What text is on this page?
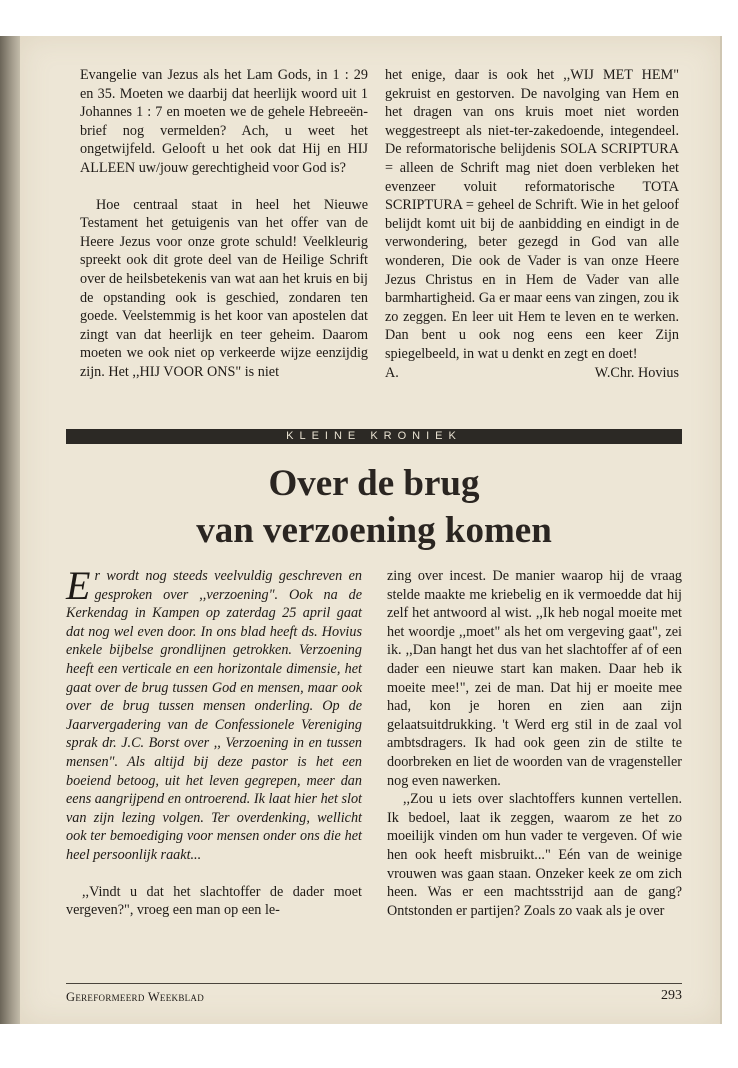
Evangelie van Jezus als het Lam Gods, in 1 : 29 en 35. Moeten we daarbij dat heerlijk woord uit 1 Johannes 1 : 7 en moeten we de gehele Hebreeën-brief nog vermelden? Ach, u weet het ongetwijfeld. Gelooft u het ook dat Hij en HIJ ALLEEN uw/jouw gerechtigheid voor God is?

Hoe centraal staat in heel het Nieuwe Testament het getuigenis van het offer van de Heere Jezus voor onze grote schuld! Veelkleurig spreekt ook dit grote deel van de Heilige Schrift over de heilsbetekenis van wat aan het kruis en bij de opstanding ook is geschied, zondaren ten goede. Veelstemmig is het koor van apostelen dat zingt van dat heerlijk en teer geheim. Daarom moeten we ook niet op verkeerde wijze eenzijdig zijn. Het ,,HIJ VOOR ONS" is niet

het enige, daar is ook het ,,WIJ MET HEM" gekruist en gestorven. De navolging van Hem en het dragen van ons kruis moet niet worden weggestreept als niet-ter-zakedoende, integendeel. De reformatorische belijdenis SOLA SCRIPTURA = alleen de Schrift mag niet doen verbleken het evenzeer voluit reformatorische TOTA SCRIPTURA = geheel de Schrift. Wie in het geloof belijdt komt uit bij de aanbidding en eindigt in de verwondering, beter gezegd in God van alle wonderen, Die ook de Vader is van onze Heere Jezus Christus en in Hem de Vader van alle barmhartigheid. Ga er maar eens van zingen, zou ik zo zeggen. En leer uit Hem te leven en te werken. Dan bent u ook nog eens een keer Zijn spiegelbeeld, in wat u denkt en zegt en doet!

A.	W.Chr. Hovius
KLEINE KRONIEK
Over de brug
van verzoening komen

Er wordt nog steeds veelvuldig geschreven en gesproken over ,,verzoening". Ook na de Kerkendag in Kampen op zaterdag 25 april gaat dat nog wel even door. In ons blad heeft ds. Hovius enkele bijbelse grondlijnen getrokken. Verzoening heeft een verticale en een horizontale dimensie, het gaat over de brug tussen God en mensen, maar ook over de brug tussen mensen onderling. Op de Jaarvergadering van de Confessionele Vereniging sprak dr. J.C. Borst over ,, Verzoening in en tussen mensen". Als altijd bij deze pastor is het een boeiend betoog, uit het leven gegrepen, meer dan eens aangrijpend en ontroerend. Ik laat hier het slot van zijn lezing volgen. Ter overdenking, wellicht ook ter bemoediging voor mensen onder ons die het heel persoonlijk raakt...

,,Vindt u dat het slachtoffer de dader moet vergeven?", vroeg een man op een le-

zing over incest. De manier waarop hij de vraag stelde maakte me kriebelig en ik vermoedde dat hij zelf het antwoord al wist. ,,Ik heb nogal moeite met het woordje ,,moet" als het om vergeving gaat", zei ik. ,,Dan hangt het dus van het slachtoffer af of een dader een nieuwe start kan maken. Daar heb ik moeite mee!", zei de man. Dat hij er moeite mee had, kon je horen en zien aan zijn gelaatsuitdrukking. 't Werd erg stil in de zaal vol ambtsdragers. Ik had ook geen zin de stilte te doorbreken en liet de woorden van de vragensteller nog even nawerken.

,,Zou u iets over slachtoffers kunnen vertellen. Ik bedoel, laat ik zeggen, waarom ze het zo moeilijk vinden om hun vader te vergeven. Of wie hen ook heeft misbruikt..." Eén van de weinige vrouwen was gaan staan. Onzeker keek ze om zich heen. Was er een machtsstrijd aan de gang? Ontstonden er partijen? Zoals zo vaak als je over

Gereformeerd Weekblad	293
